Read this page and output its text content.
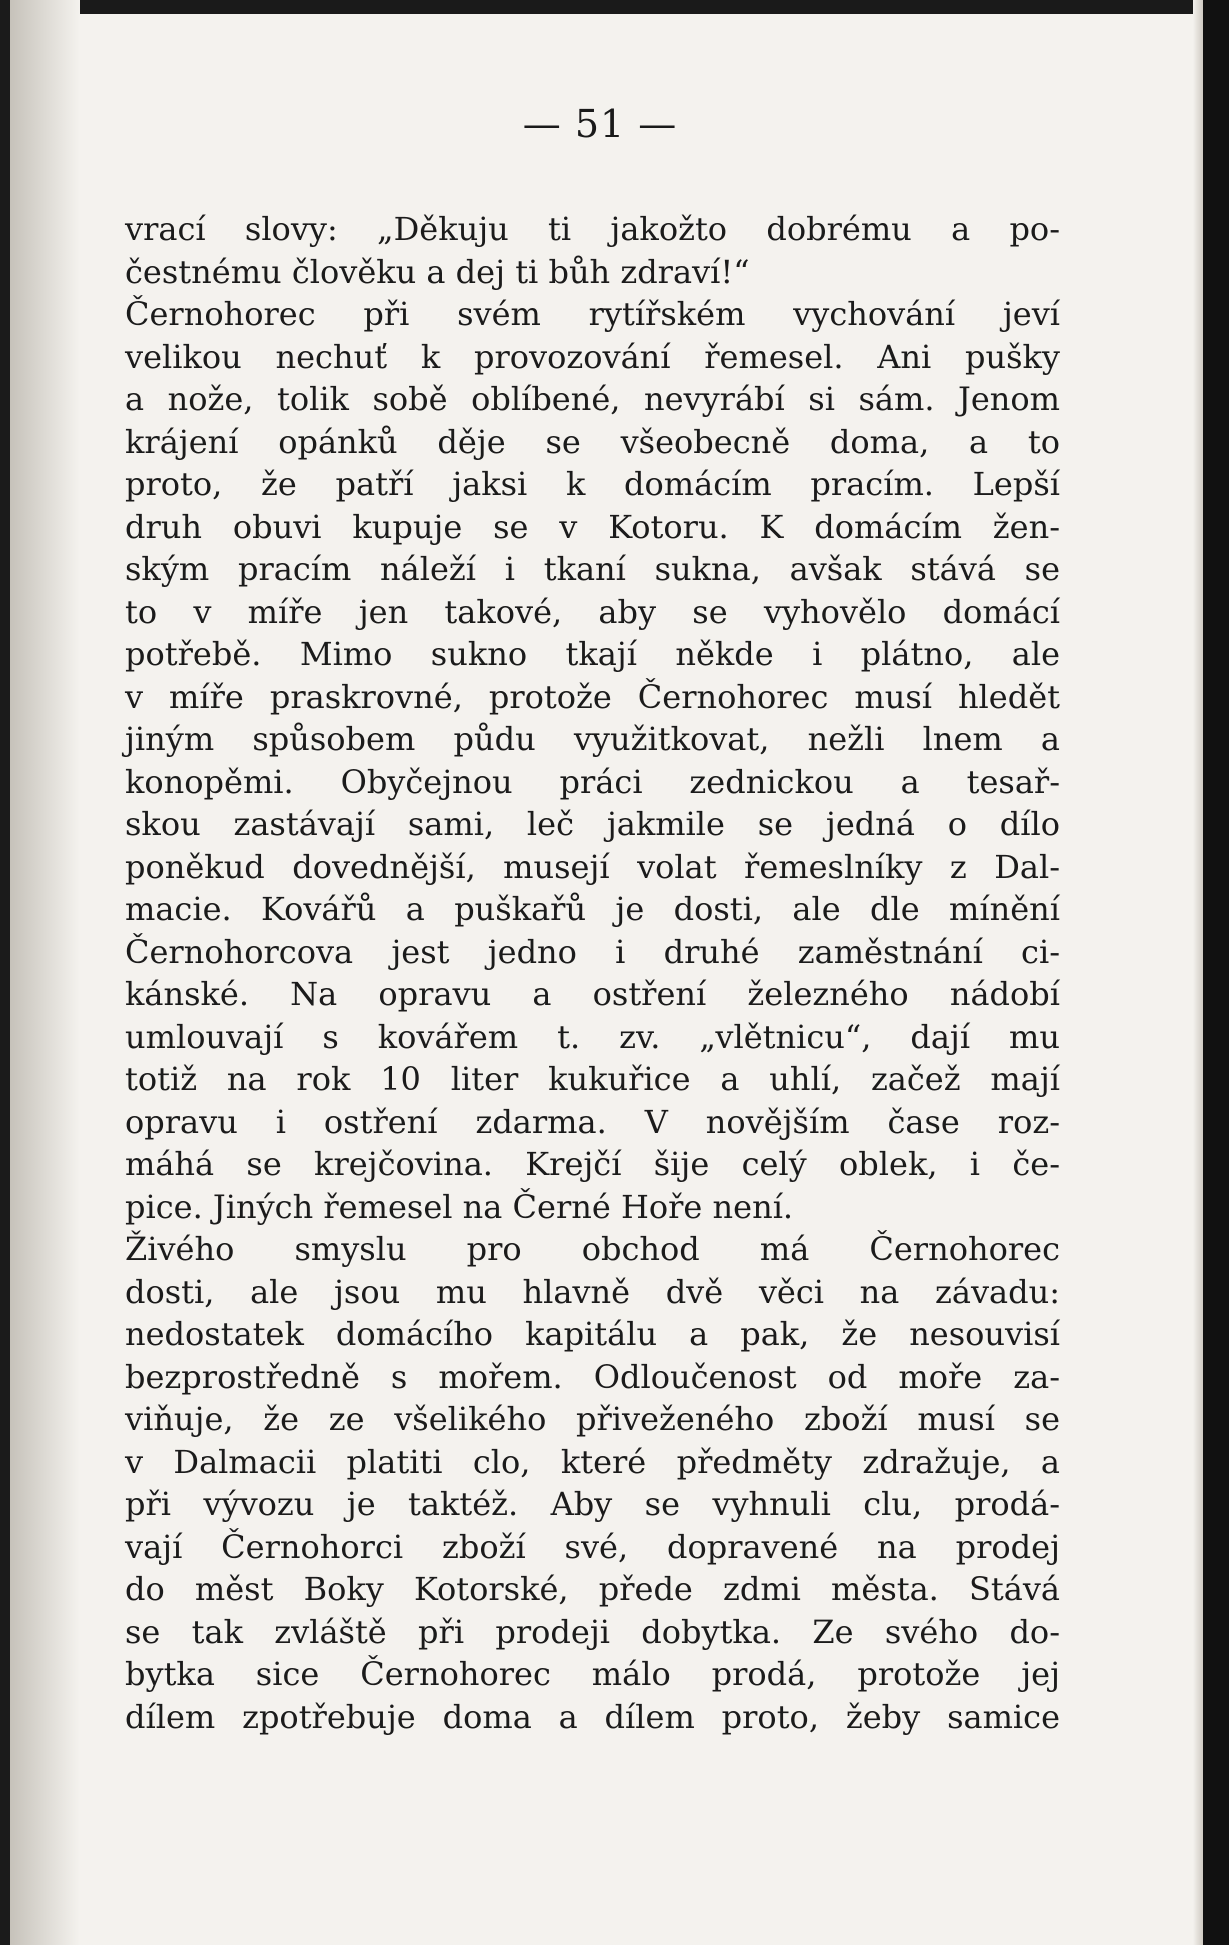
— 51 —
vrací slovy: „Děkuju ti jakožto dobrému a po-
čestnému člověku a dej ti bůh zdraví!“
Černohorec při svém rytířském vychování jeví
velikou nechuť k provozování řemesel. Ani pušky
a nože, tolik sobě oblíbené, nevyrábí si sám. Jenom
krájení opánků děje se všeobecně doma, a to
proto, že patří jaksi k domácím pracím. Lepší
druh obuvi kupuje se v Kotoru. K domácím žen-
ským pracím náleží i tkaní sukna, avšak stává se
to v míře jen takové, aby se vyhovělo domácí
potřebě. Mimo sukno tkají někde i plátno, ale
v míře praskrovné, protože Černohorec musí hledět
jiným spůsobem půdu využitkovat, nežli lnem a
konopěmi. Obyčejnou práci zednickou a tesař-
skou zastávají sami, leč jakmile se jedná o dílo
poněkud dovednější, musejí volat řemeslníky z Dal-
macie. Kovářů a puškařů je dosti, ale dle mínění
Černohorcova jest jedno i druhé zaměstnání ci-
kánské. Na opravu a ostření železného nádobí
umlouvají s kovářem t. zv. „vlětnicu“, dají mu
totiž na rok 10 liter kukuřice a uhlí, začež mají
opravu i ostření zdarma. V novějším čase roz-
máhá se krejčovina. Krejčí šije celý oblek, i če-
pice. Jiných řemesel na Černé Hoře není.
Živého smyslu pro obchod má Černohorec
dosti, ale jsou mu hlavně dvě věci na závadu:
nedostatek domácího kapitálu a pak, že nesouvisí
bezprostředně s mořem. Odloučenost od moře za-
viňuje, že ze všelikého přiveženého zboží musí se
v Dalmacii platiti clo, které předměty zdražuje, a
při vývozu je taktéž. Aby se vyhnuli clu, prodá-
vají Černohorci zboží své, dopravené na prodej
do měst Boky Kotorské, přede zdmi města. Stává
se tak zvláště při prodeji dobytka. Ze svého do-
bytka sice Černohorec málo prodá, protože jej
dílem zpotřebuje doma a dílem proto, žeby samice
